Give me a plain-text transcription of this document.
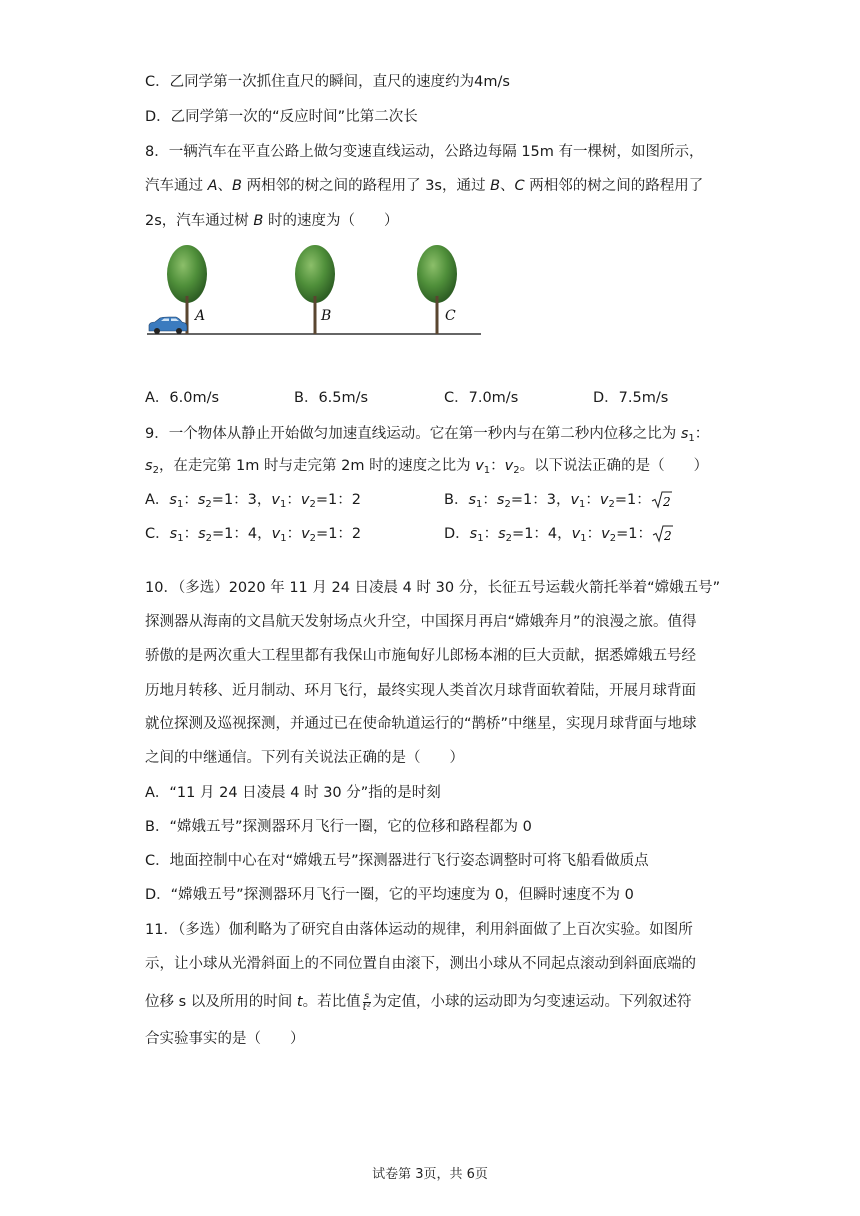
C．乙同学第一次抓住直尺的瞬间，直尺的速度约为4m/s
D．乙同学第一次的“反应时间”比第二次长
8．一辆汽车在平直公路上做匀变速直线运动，公路边每隔 15m 有一棵树，如图所示，
汽车通过 A、B 两相邻的树之间的路程用了 3s，通过 B、C 两相邻的树之间的路程用了
2s，汽车通过树 B 时的速度为（　　）
A	B	C
A．6.0m/s	B．6.5m/s	C．7.0m/s	D．7.5m/s
9．一个物体从静止开始做匀加速直线运动。它在第一秒内与在第二秒内位移之比为 $s_1$：
$s_2$，在走完第 1m 时与走完第 2m 时的速度之比为 $v_1$：$v_2$。以下说法正确的是（　　）
A．$s_1$：$s_2=1$：3，$v_1$：$v_2=1$：2	B．$s_1$：$s_2=1$：3，$v_1$：$v_2=1$： 2
C．$s_1$：$s_2=1$：4，$v_1$：$v_2=1$：2	D．$s_1$：$s_2=1$：4，$v_1$：$v_2=1$： 2
10．（多选）2020 年 11 月 24 日凌晨 4 时 30 分，长征五号运载火箭托举着“嫦娥五号”
探测器从海南的文昌航天发射场点火升空，中国探月再启“嫦娥奔月”的浪漫之旅。值得
骄傲的是两次重大工程里都有我保山市施甸好儿郎杨本湘的巨大贡献，据悉嫦娥五号经
历地月转移、近月制动、环月飞行，最终实现人类首次月球背面软着陆，开展月球背面
就位探测及巡视探测，并通过已在使命轨道运行的“鹊桥”中继星，实现月球背面与地球
之间的中继通信。下列有关说法正确的是（　　）
A．“11 月 24 日凌晨 4 时 30 分”指的是时刻
B．“嫦娥五号”探测器环月飞行一圈，它的位移和路程都为 0
C．地面控制中心在对“嫦娥五号”探测器进行飞行姿态调整时可将飞船看做质点
D．“嫦娥五号”探测器环月飞行一圈，它的平均速度为 0，但瞬时速度不为 0
11．（多选）伽利略为了研究自由落体运动的规律，利用斜面做了上百次实验。如图所
示，让小球从光滑斜面上的不同位置自由滚下，测出小球从不同起点滚动到斜面底端的
位移 s 以及所用的时间 t。若比值 $\frac{s}{\text{t²}}$ 为定值，小球的运动即为匀变速运动。下列叙述符
合实验事实的是（　　）
试卷第 3页，共 6页
